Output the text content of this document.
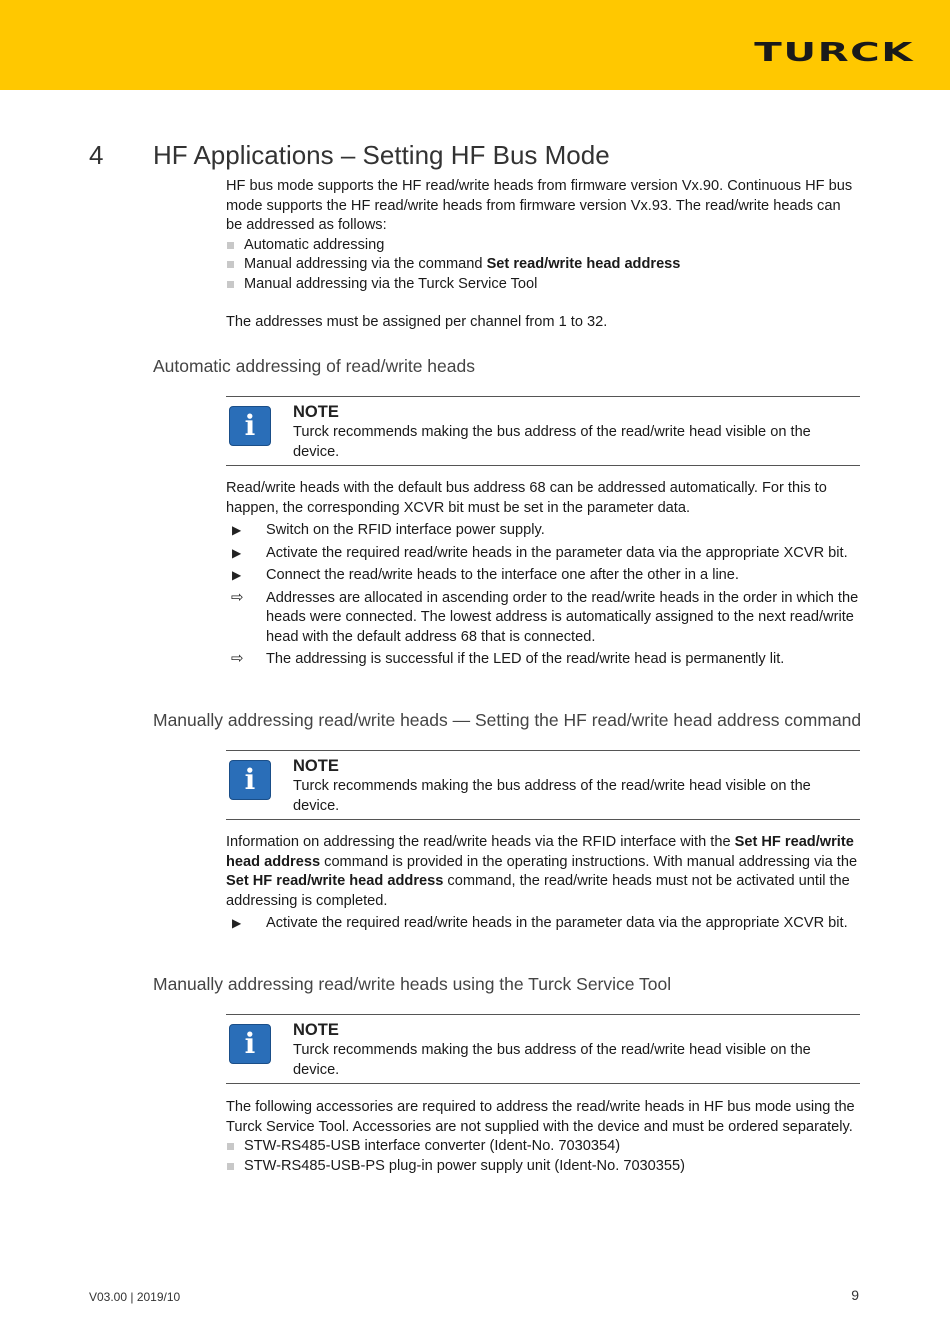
TURCK
4 HF Applications – Setting HF Bus Mode

HF bus mode supports the HF read/write heads from firmware version Vx.90. Continuous HF bus mode supports the HF read/write heads from firmware version Vx.93. The read/write heads can be addressed as follows:

Automatic addressing
Manual addressing via the command Set read/write head address
Manual addressing via the Turck Service Tool

The addresses must be assigned per channel from 1 to 32.

Automatic addressing of read/write heads
i	NOTE
Turck recommends making the bus address of the read/write head visible on the device.

Read/write heads with the default bus address 68 can be addressed automatically. For this to happen, the corresponding XCVR bit must be set in the parameter data.

▶ Switch on the RFID interface power supply.
▶ Activate the required read/write heads in the parameter data via the appropriate XCVR bit.
▶ Connect the read/write heads to the interface one after the other in a line.
⇨ Addresses are allocated in ascending order to the read/write heads in the order in which the heads were connected. The lowest address is automatically assigned to the next read/write head with the default address 68 that is connected.
⇨ The addressing is successful if the LED of the read/write head is permanently lit.
Manually addressing read/write heads — Setting the HF read/write head address command
i	NOTE
Turck recommends making the bus address of the read/write head visible on the device.

Information on addressing the read/write heads via the RFID interface with the Set HF read/write head address command is provided in the operating instructions. With manual addressing via the Set HF read/write head address command, the read/write heads must not be activated until the addressing is completed.

▶ Activate the required read/write heads in the parameter data via the appropriate XCVR bit.
Manually addressing read/write heads using the Turck Service Tool
i	NOTE
Turck recommends making the bus address of the read/write head visible on the device.

The following accessories are required to address the read/write heads in HF bus mode using the Turck Service Tool. Accessories are not supplied with the device and must be ordered separately.

STW-RS485-USB interface converter (Ident-No. 7030354)
STW-RS485-USB-PS plug-in power supply unit (Ident-No. 7030355)
V03.00 | 2019/10	9
